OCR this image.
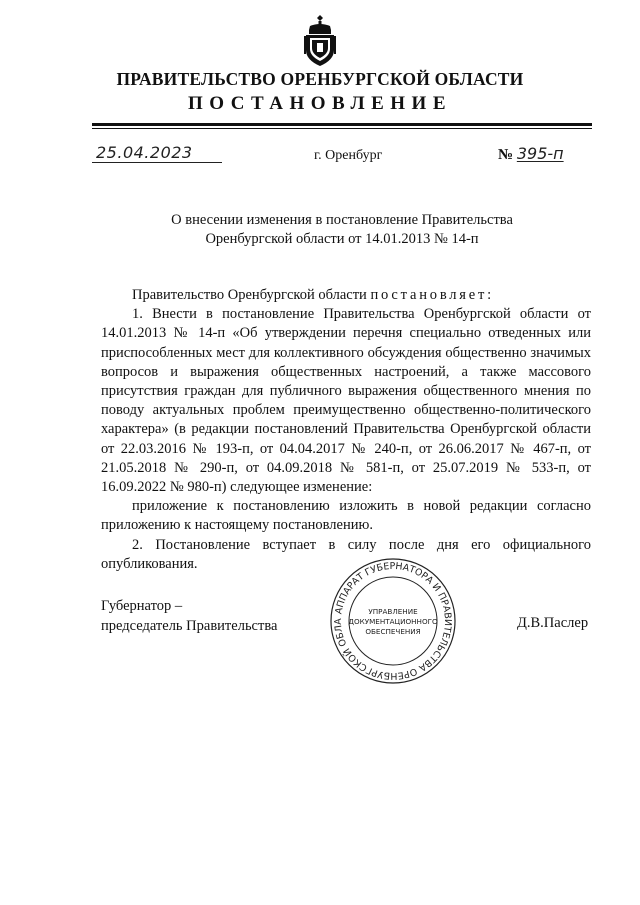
ПРАВИТЕЛЬСТВО ОРЕНБУРГСКОЙ ОБЛАСТИ
ПОСТАНОВЛЕНИЕ
25.04.2023	г. Оренбург	№ 395-п
О внесении изменения в постановление Правительства
Оренбургской области от 14.01.2013 № 14-п

Правительство Оренбургской области постановляет:

1. Внести в постановление Правительства Оренбургской области от 14.01.2013 № 14-п «Об утверждении перечня специально отведенных или приспособленных мест для коллективного обсуждения общественно значимых вопросов и выражения общественных настроений, а также массового присутствия граждан для публичного выражения общественного мнения по поводу актуальных проблем преимущественно общественно-политического характера» (в редакции постановлений Правительства Оренбургской области от 22.03.2016 № 193-п, от 04.04.2017 № 240-п, от 26.06.2017 № 467-п, от 21.05.2018 № 290-п, от 04.09.2018 № 581-п, от 25.07.2019 № 533-п, от 16.09.2022 № 980-п) следующее изменение:

приложение к постановлению изложить в новой редакции согласно приложению к настоящему постановлению.

2. Постановление вступает в силу после дня его официального опубликования.

Губернатор –
председатель Правительства
АППАРАТ ГУБЕРНАТОРА И ПРАВИТЕЛЬСТВА ОРЕНБУРГСКОЙ ОБЛА
УПРАВЛЕНИЕ
ДОКУМЕНТАЦИОННОГО
ОБЕСПЕЧЕНИЯ
Д.В.Паслер
